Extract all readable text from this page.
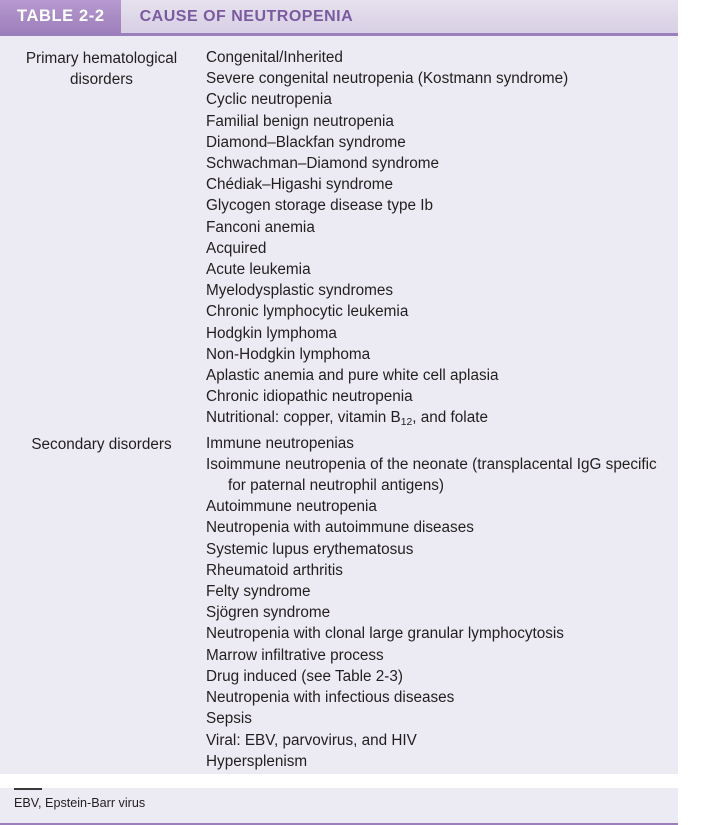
TABLE 2-2 CAUSE OF NEUTROPENIA
Primary hematological
disorders
Congenital/Inherited
Severe congenital neutropenia (Kostmann syndrome)
Cyclic neutropenia
Familial benign neutropenia
Diamond–Blackfan syndrome
Schwachman–Diamond syndrome
Chédiak–Higashi syndrome
Glycogen storage disease type Ib
Fanconi anemia
Acquired
Acute leukemia
Myelodysplastic syndromes
Chronic lymphocytic leukemia
Hodgkin lymphoma
Non-Hodgkin lymphoma
Aplastic anemia and pure white cell aplasia
Chronic idiopathic neutropenia
Nutritional: copper, vitamin $B_{12}$, and folate
Secondary disorders	Immune neutropenias
Isoimmune neutropenia of the neonate (transplacental IgG specific for paternal neutrophil antigens)
Autoimmune neutropenia
Neutropenia with autoimmune diseases
Systemic lupus erythematosus
Rheumatoid arthritis
Felty syndrome
Sjögren syndrome
Neutropenia with clonal large granular lymphocytosis
Marrow infiltrative process
Drug induced (see Table 2-3)
Neutropenia with infectious diseases
Sepsis
Viral: EBV, parvovirus, and HIV
Hypersplenism
EBV, Epstein-Barr virus
